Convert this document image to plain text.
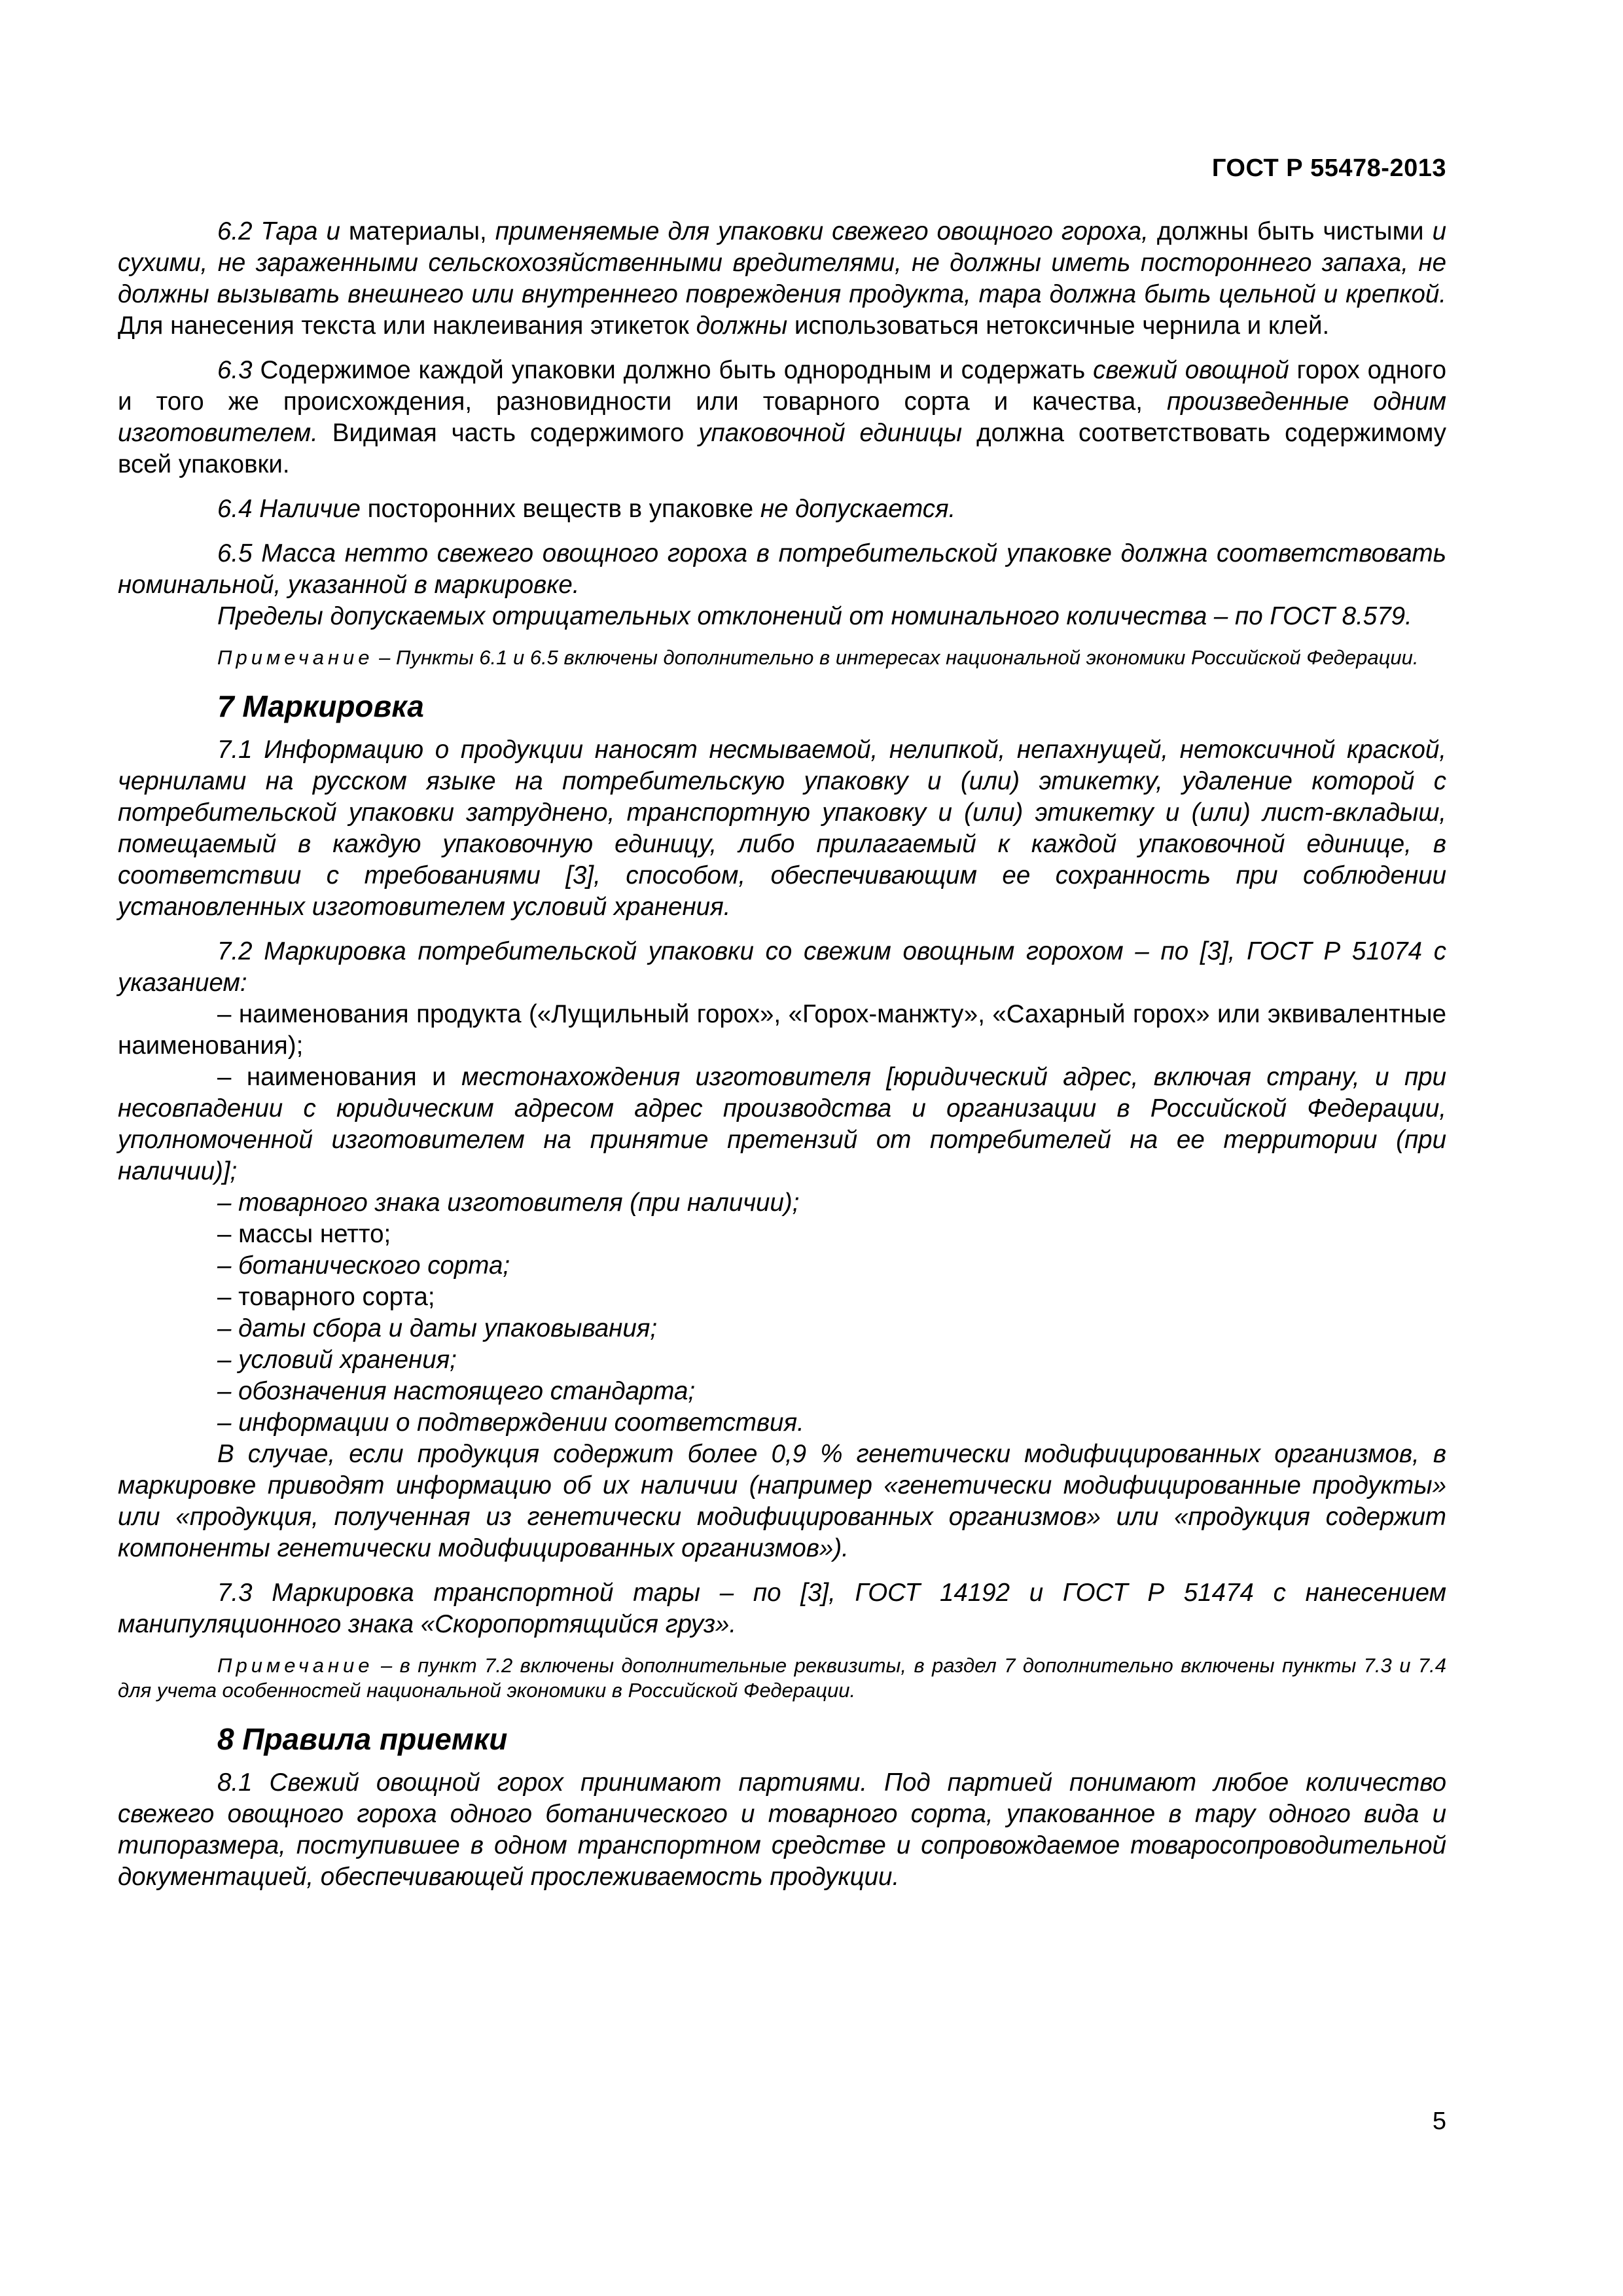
ГОСТ Р 55478-2013

6.2 Тара и материалы, применяемые для упаковки свежего овощного гороха, должны быть чистыми и сухими, не зараженными сельскохозяйственными вредителями, не должны иметь постороннего запаха, не должны вызывать внешнего или внутреннего повреждения продукта, тара должна быть цельной и крепкой. Для нанесения текста или наклеивания этикеток должны использоваться нетоксичные чернила и клей.

6.3 Содержимое каждой упаковки должно быть однородным и содержать свежий овощной горох одного и того же происхождения, разновидности или товарного сорта и качества, произведенные одним изготовителем. Видимая часть содержимого упаковочной единицы должна соответствовать содержимому всей упаковки.

6.4 Наличие посторонних веществ в упаковке не допускается.

6.5 Масса нетто свежего овощного гороха в потребительской упаковке должна соответствовать номинальной, указанной в маркировке.

Пределы допускаемых отрицательных отклонений от номинального количества – по ГОСТ 8.579.

Примечание – Пункты 6.1 и 6.5 включены дополнительно в интересах национальной экономики Российской Федерации.
7 Маркировка

7.1 Информацию о продукции наносят несмываемой, нелипкой, непахнущей, нетоксичной краской, чернилами на русском языке на потребительскую упаковку и (или) этикетку, удаление которой с потребительской упаковки затруднено, транспортную упаковку и (или) этикетку и (или) лист-вкладыш, помещаемый в каждую упаковочную единицу, либо прилагаемый к каждой упаковочной единице, в соответствии с требованиями [3], способом, обеспечивающим ее сохранность при соблюдении установленных изготовителем условий хранения.

7.2 Маркировка потребительской упаковки со свежим овощным горохом – по [3], ГОСТ Р 51074 с указанием:

– наименования продукта («Лущильный горох», «Горох-манжту», «Сахарный горох» или эквивалентные наименования);

– наименования и местонахождения изготовителя [юридический адрес, включая страну, и при несовпадении с юридическим адресом адрес производства и организации в Российской Федерации, уполномоченной изготовителем на принятие претензий от потребителей на ее территории (при наличии)];

– товарного знака изготовителя (при наличии);

– массы нетто;

– ботанического сорта;

– товарного сорта;

– даты сбора и даты упаковывания;

– условий хранения;

– обозначения настоящего стандарта;

– информации о подтверждении соответствия.

В случае, если продукция содержит более 0,9 % генетически модифицированных организмов, в маркировке приводят информацию об их наличии (например «генетически модифицированные продукты» или «продукция, полученная из генетически модифицированных организмов» или «продукция содержит компоненты генетически модифицированных организмов»).

7.3 Маркировка транспортной тары – по [3], ГОСТ 14192 и ГОСТ Р 51474 с нанесением манипуляционного знака «Скоропортящийся груз».

Примечание – в пункт 7.2 включены дополнительные реквизиты, в раздел 7 дополнительно включены пункты 7.3 и 7.4 для учета особенностей национальной экономики в Российской Федерации.
8 Правила приемки

8.1 Свежий овощной горох принимают партиями. Под партией понимают любое количество свежего овощного гороха одного ботанического и товарного сорта, упакованное в тару одного вида и типоразмера, поступившее в одном транспортном средстве и сопровождаемое товаросопроводительной документацией, обеспечивающей прослеживаемость продукции.

5
